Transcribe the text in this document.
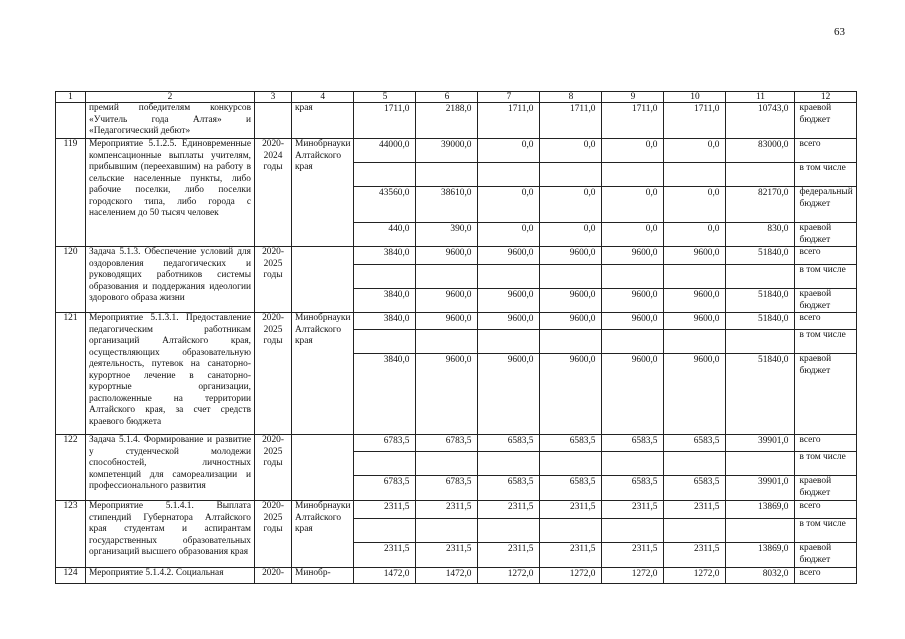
63
1	2	3	4	5	6	7	8	9	10	11	12
	премий победителям конкурсов «Учитель года Алтая» и «Педагогический дебют»		края	1711,0	2188,0	1711,0	1711,0	1711,0	1711,0	10743,0	краевой бюджет
119	Мероприятие 5.1.2.5. Единовременные компенсационные выплаты учителям, прибывшим (переехавшим) на работу в сельские населенные пункты, либо рабочие поселки, либо поселки городского типа, либо города с населением до 50 тысяч человек	2020-2024 годы	Минобрнауки Алтайского края	44000,0	39000,0	0,0	0,0	0,0	0,0	83000,0	всего
											в том числе
				43560,0	38610,0	0,0	0,0	0,0	0,0	82170,0	федеральный бюджет
				440,0	390,0	0,0	0,0	0,0	0,0	830,0	краевой бюджет
120	Задача 5.1.3. Обеспечение условий для оздоровления педагогических и руководящих работников системы образования и поддержания идеологии здорового образа жизни	2020-2025 годы		3840,0	9600,0	9600,0	9600,0	9600,0	9600,0	51840,0	всего
											в том числе
				3840,0	9600,0	9600,0	9600,0	9600,0	9600,0	51840,0	краевой бюджет
121	Мероприятие 5.1.3.1. Предоставление педагогическим работникам организаций Алтайского края, осуществляющих образовательную деятельность, путевок на санаторно-курортное лечение в санаторно-курортные организации, расположенные на территории Алтайского края, за счет средств краевого бюджета	2020-2025 годы	Минобрнауки Алтайского края	3840,0	9600,0	9600,0	9600,0	9600,0	9600,0	51840,0	всего
											в том числе
				3840,0	9600,0	9600,0	9600,0	9600,0	9600,0	51840,0	краевой бюджет
122	Задача 5.1.4. Формирование и развитие у студенческой молодежи способностей, личностных компетенций для самореализации и профессионального развития	2020-2025 годы		6783,5	6783,5	6583,5	6583,5	6583,5	6583,5	39901,0	всего
											в том числе
				6783,5	6783,5	6583,5	6583,5	6583,5	6583,5	39901,0	краевой бюджет
123	Мероприятие 5.1.4.1. Выплата стипендий Губернатора Алтайского края студентам и аспирантам государственных образовательных организаций высшего образования края	2020-2025 годы	Минобрнауки Алтайского края	2311,5	2311,5	2311,5	2311,5	2311,5	2311,5	13869,0	всего
											в том числе
				2311,5	2311,5	2311,5	2311,5	2311,5	2311,5	13869,0	краевой бюджет
124	Мероприятие 5.1.4.2. Социальная	2020-	Минобр-	1472,0	1472,0	1272,0	1272,0	1272,0	1272,0	8032,0	всего
